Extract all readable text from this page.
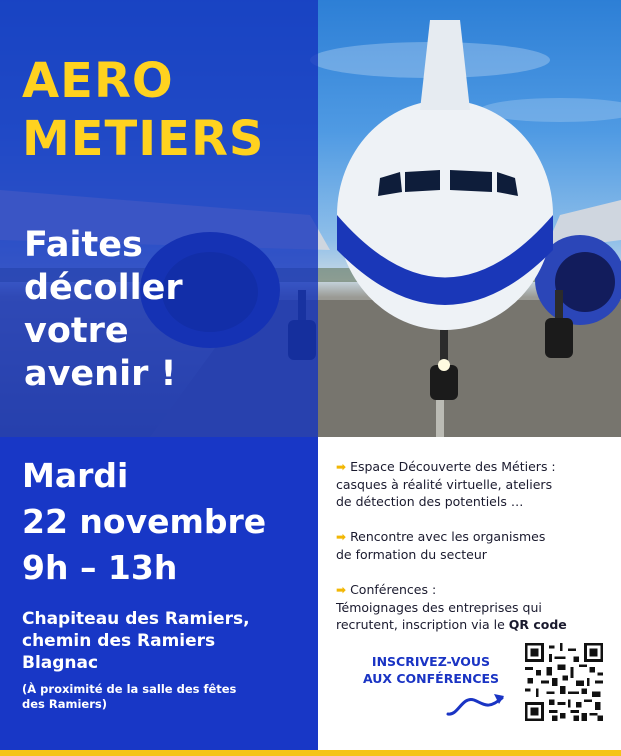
AERO
METIERS
Faites
décoller
votre
avenir !
Mardi
22 novembre
9h – 13h
Chapiteau des Ramiers,
chemin des Ramiers
Blagnac
(À proximité de la salle des fêtes
des Ramiers)
➡ Espace Découverte des Métiers :
casques à réalité virtuelle, ateliers
de détection des potentiels …
➡ Rencontre avec les organismes
de formation du secteur
➡ Conférences :
Témoignages des entreprises qui
recrutent, inscription via le QR code
INSCRIVEZ-VOUS
AUX CONFÉRENCES
